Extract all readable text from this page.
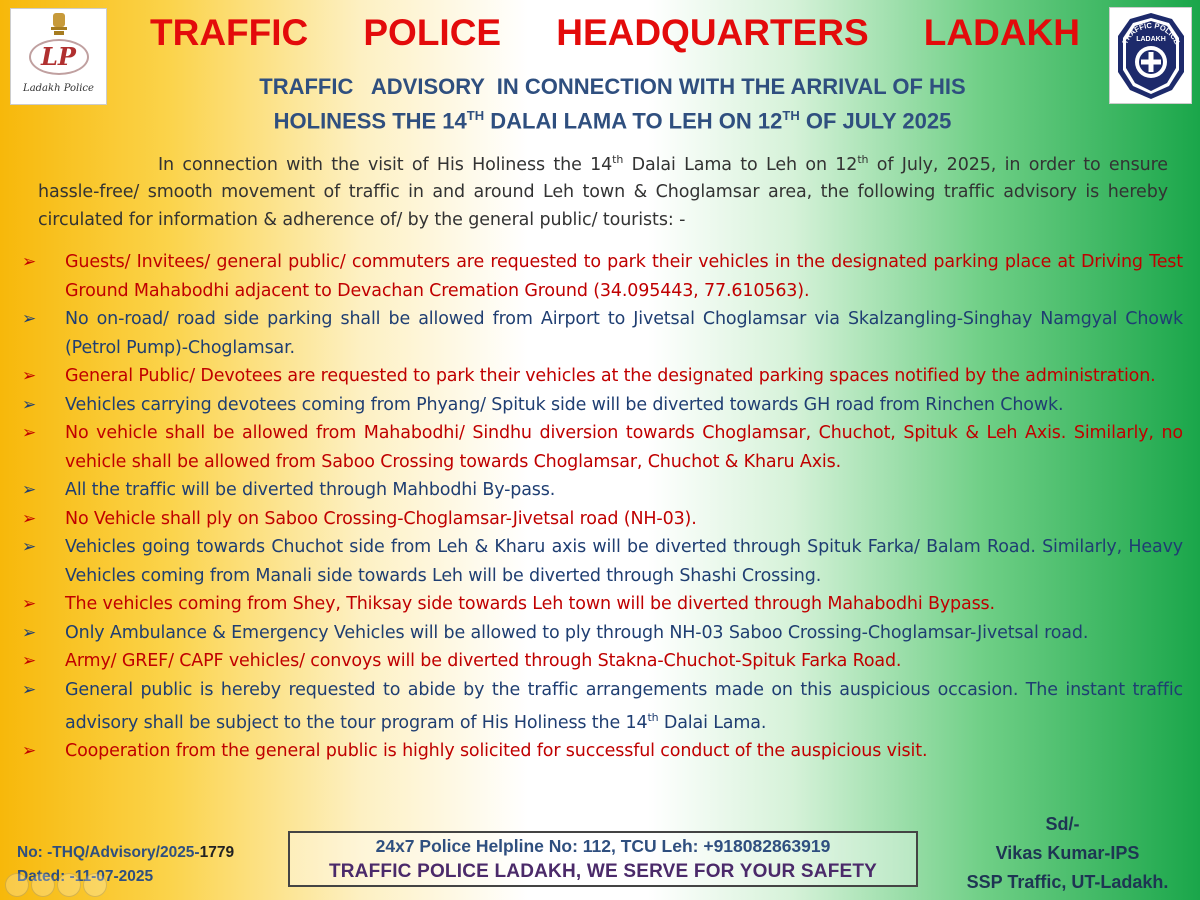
LP
Ladakh Police
TRAFFIC POLICE
LADAKH
TRAFFIC POLICE HEADQUARTERS LADAKH
TRAFFIC   ADVISORY  IN CONNECTION WITH THE ARRIVAL OF HIS
HOLINESS THE 14TH DALAI LAMA TO LEH ON 12TH OF JULY 2025
In connection with the visit of His Holiness the 14th Dalai Lama to Leh on 12th of July, 2025, in order to ensure hassle-free/ smooth movement of traffic in and around Leh town & Choglamsar area, the following traffic advisory is hereby circulated for information & adherence of/ by the general public/ tourists: -
➢ Guests/ Invitees/ general public/ commuters are requested to park their vehicles in the designated parking place at Driving Test Ground Mahabodhi adjacent to Devachan Cremation Ground (34.095443, 77.610563).
➢ No on-road/ road side parking shall be allowed from Airport to Jivetsal Choglamsar via Skalzangling-Singhay Namgyal Chowk (Petrol Pump)-Choglamsar.
➢ General Public/ Devotees are requested to park their vehicles at the designated parking spaces notified by the administration.
➢ Vehicles carrying devotees coming from Phyang/ Spituk side will be diverted towards GH road from Rinchen Chowk.
➢ No vehicle shall be allowed from Mahabodhi/ Sindhu diversion towards Choglamsar, Chuchot, Spituk & Leh Axis. Similarly, no vehicle shall be allowed from Saboo Crossing towards Choglamsar, Chuchot & Kharu Axis.
➢ All the traffic will be diverted through Mahbodhi By-pass.
➢ No Vehicle shall ply on Saboo Crossing-Choglamsar-Jivetsal road (NH-03).
➢ Vehicles going towards Chuchot side from Leh & Kharu axis will be diverted through Spituk Farka/ Balam Road. Similarly, Heavy Vehicles coming from Manali side towards Leh will be diverted through Shashi Crossing.
➢ The vehicles coming from Shey, Thiksay side towards Leh town will be diverted through Mahabodhi Bypass.
➢ Only Ambulance & Emergency Vehicles will be allowed to ply through NH-03 Saboo Crossing-Choglamsar-Jivetsal road.
➢ Army/ GREF/ CAPF vehicles/ convoys will be diverted through Stakna-Chuchot-Spituk Farka Road.
➢ General public is hereby requested to abide by the traffic arrangements made on this auspicious occasion. The instant traffic advisory shall be subject to the tour program of His Holiness the 14th Dalai Lama.
➢ Cooperation from the general public is highly solicited for successful conduct of the auspicious visit.
No: -THQ/Advisory/2025-1779
Dated: -11-07-2025
24x7 Police Helpline No: 112, TCU Leh: +918082863919
TRAFFIC POLICE LADAKH, WE SERVE FOR YOUR SAFETY
Sd/-
Vikas Kumar-IPS
SSP Traffic, UT-Ladakh.
